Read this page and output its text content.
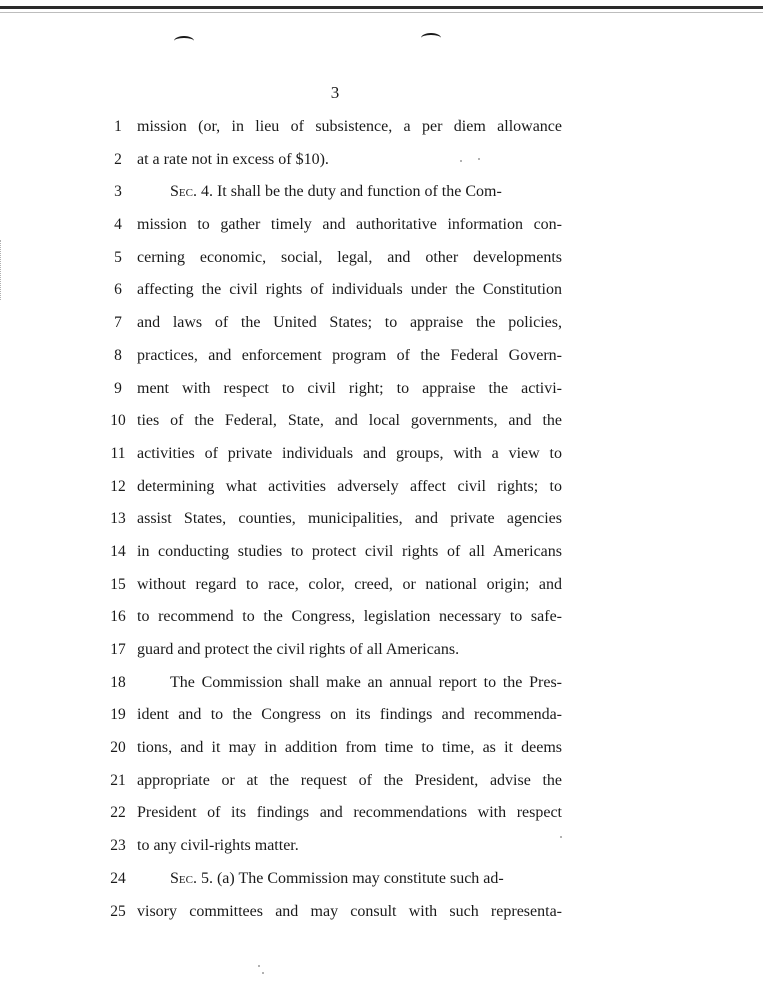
3
1 mission (or, in lieu of subsistence, a per diem allowance
2 at a rate not in excess of $10).
3	Sec. 4. It shall be the duty and function of the Com-
4 mission to gather timely and authoritative information con-
5 cerning economic, social, legal, and other developments
6 affecting the civil rights of individuals under the Constitution
7 and laws of the United States; to appraise the policies,
8 practices, and enforcement program of the Federal Govern-
9 ment with respect to civil right; to appraise the activi-
10 ties of the Federal, State, and local governments, and the
11 activities of private individuals and groups, with a view to
12 determining what activities adversely affect civil rights; to
13 assist States, counties, municipalities, and private agencies
14 in conducting studies to protect civil rights of all Americans
15 without regard to race, color, creed, or national origin; and
16 to recommend to the Congress, legislation necessary to safe-
17 guard and protect the civil rights of all Americans.
18	The Commission shall make an annual report to the Pres-
19 ident and to the Congress on its findings and recommenda-
20 tions, and it may in addition from time to time, as it deems
21 appropriate or at the request of the President, advise the
22 President of its findings and recommendations with respect
23 to any civil-rights matter.
24	Sec. 5. (a) The Commission may constitute such ad-
25 visory committees and may consult with such representa-
